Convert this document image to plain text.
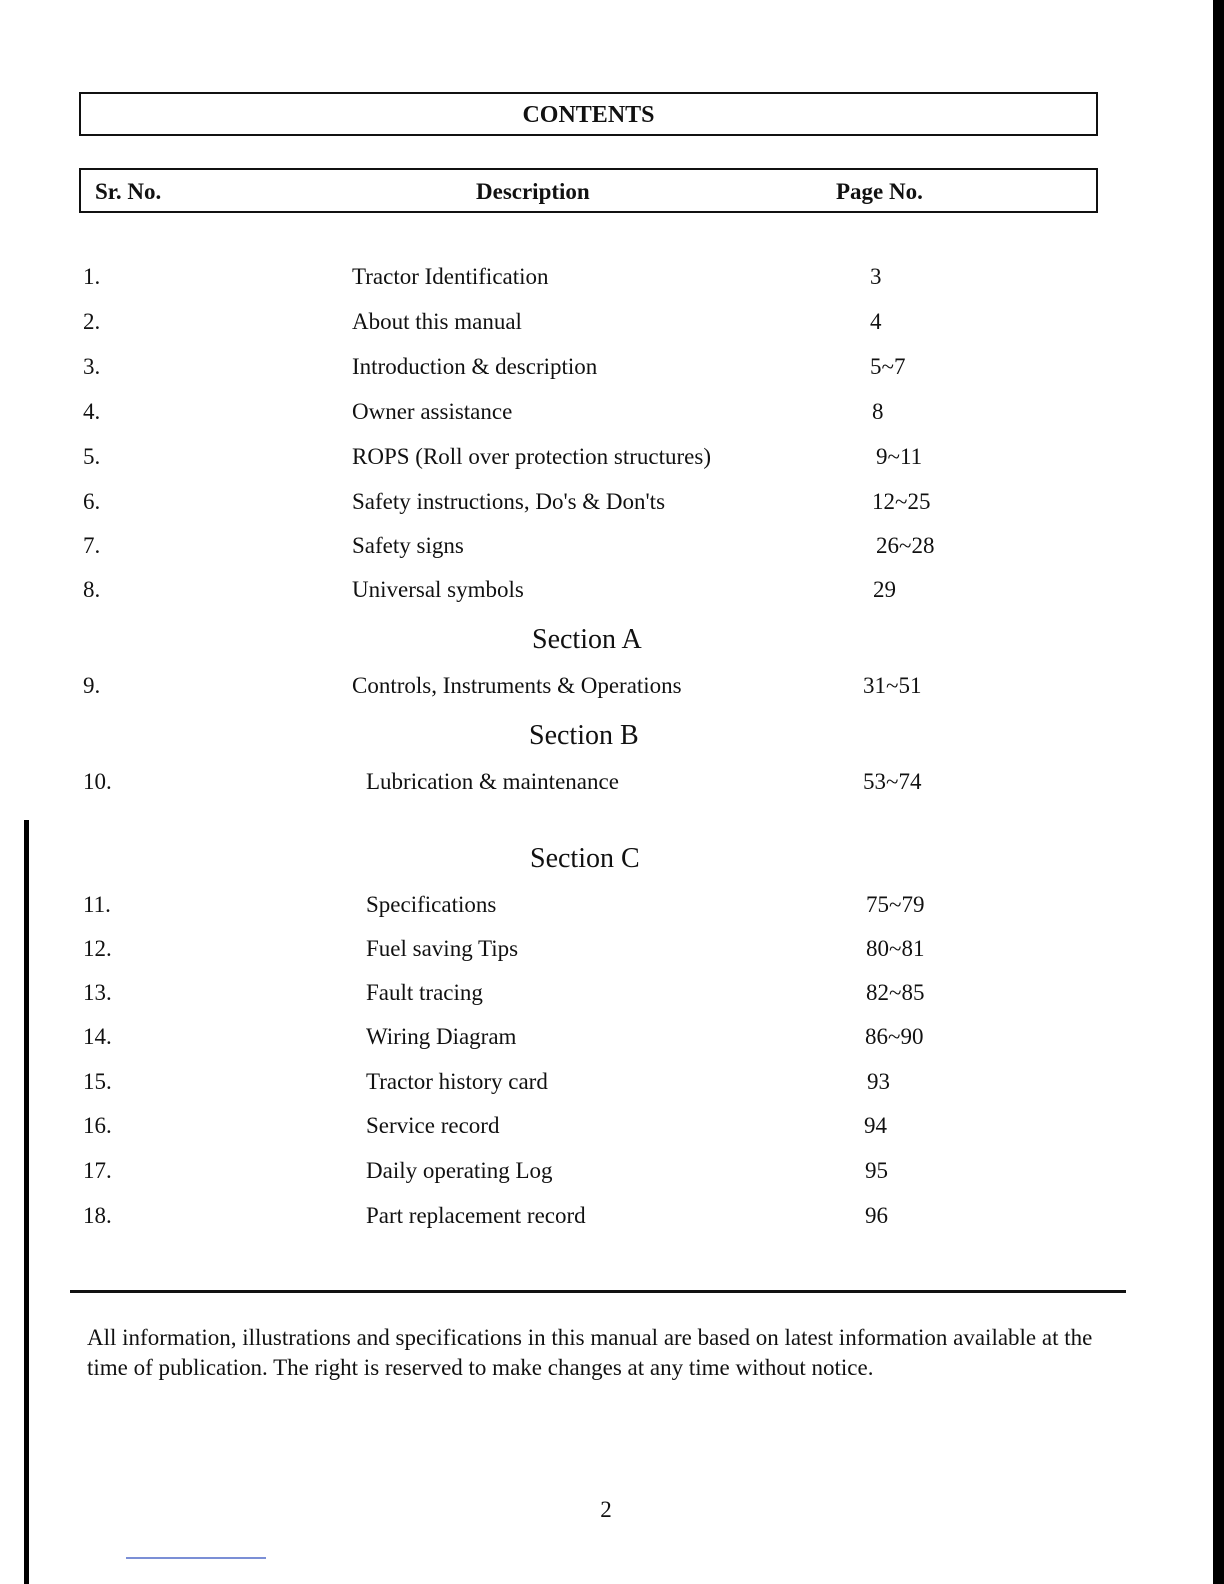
CONTENTS
Sr. No.	Description	Page No.
1.	Tractor Identification	3
2.	About this manual	4
3.	Introduction & description	5~7
4.	Owner assistance	8
5.	ROPS (Roll over protection structures)	9~11
6.	Safety instructions, Do's & Don'ts	12~25
7.	Safety signs	26~28
8.	Universal symbols	29
Section A
9.	Controls, Instruments & Operations	31~51
Section B
10.	Lubrication & maintenance	53~74
Section C
11.	Specifications	75~79
12.	Fuel saving Tips	80~81
13.	Fault tracing	82~85
14.	Wiring Diagram	86~90
15.	Tractor history card	93
16.	Service record	94
17.	Daily operating Log	95
18.	Part replacement record	96
All information, illustrations and specifications in this manual are based on latest information available at the time of publication. The right is reserved to make changes at any time without notice.
2
